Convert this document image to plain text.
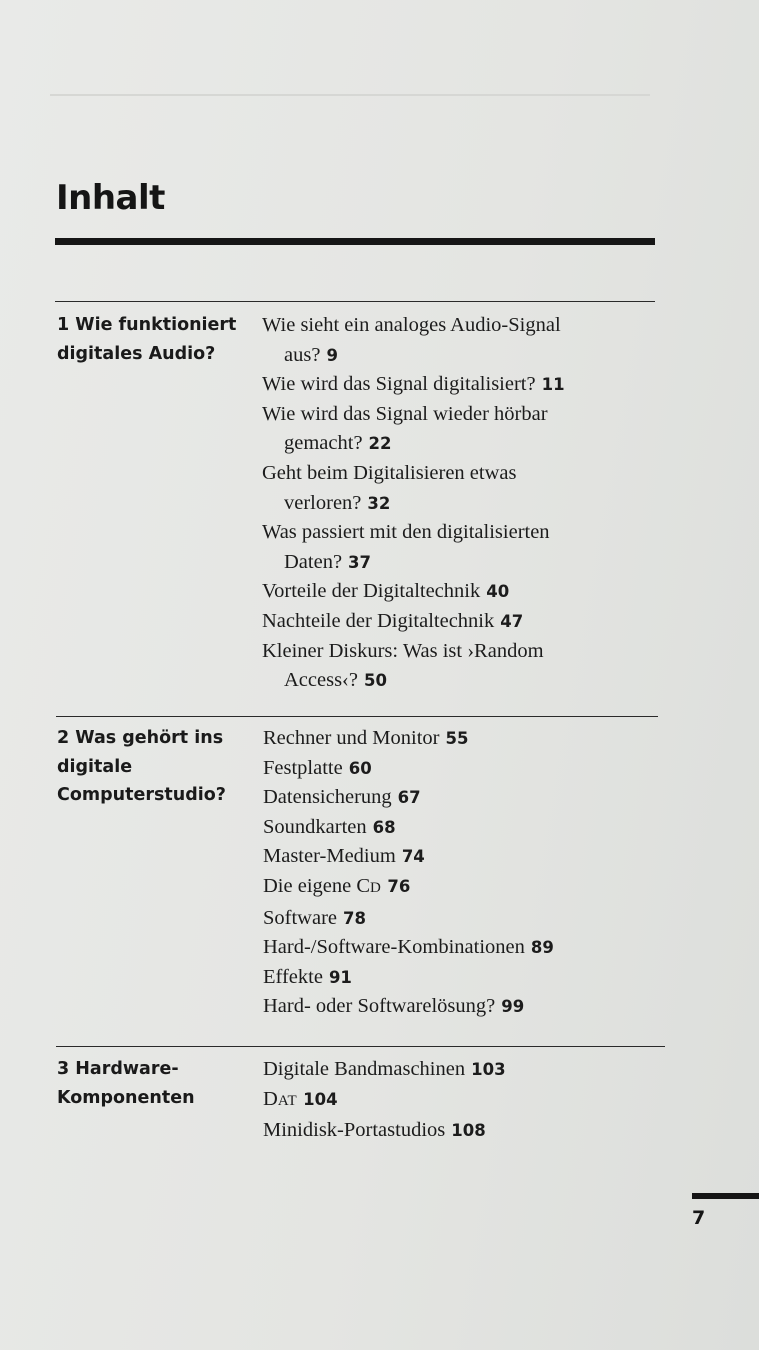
Inhalt
1 Wie funktioniert
digitales Audio?
Wie sieht ein analoges Audio-Signal
aus? 9
Wie wird das Signal digitalisiert? 11
Wie wird das Signal wieder hörbar
gemacht? 22
Geht beim Digitalisieren etwas
verloren? 32
Was passiert mit den digitalisierten
Daten? 37
Vorteile der Digitaltechnik 40
Nachteile der Digitaltechnik 47
Kleiner Diskurs: Was ist ›Random
Access‹? 50
2 Was gehört ins
digitale
Computerstudio?
Rechner und Monitor 55
Festplatte 60
Datensicherung 67
Soundkarten 68
Master-Medium 74
Die eigene CD 76
Software 78
Hard-/Software-Kombinationen 89
Effekte 91
Hard- oder Softwarelösung? 99
3 Hardware-
Komponenten
Digitale Bandmaschinen 103
DAT 104
Minidisk-Portastudios 108
7
